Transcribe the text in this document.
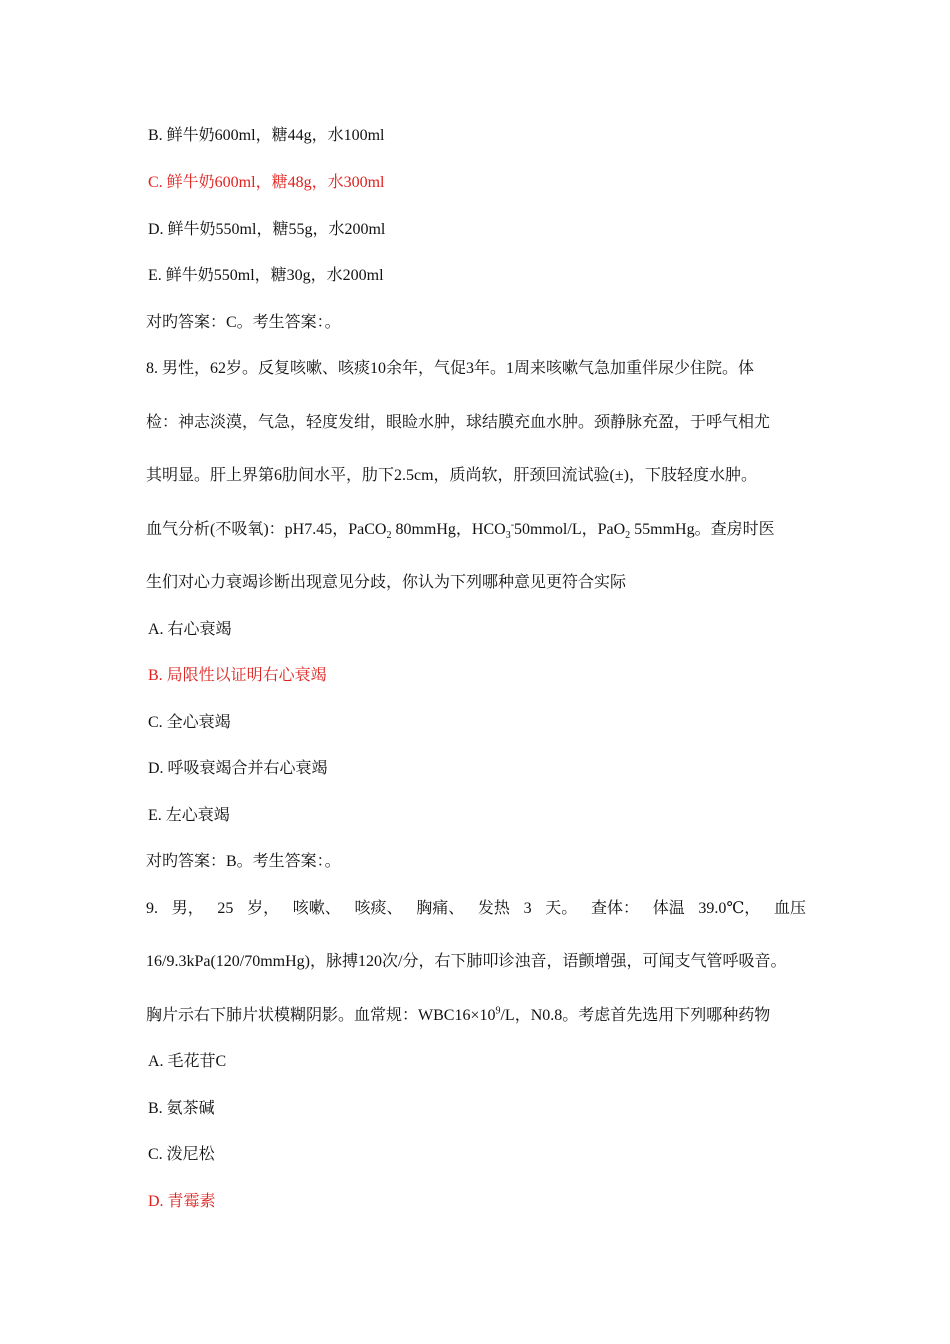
B. 鲜牛奶600ml，糖44g，水100ml
C. 鲜牛奶600ml，糖48g，水300ml
D. 鲜牛奶550ml，糖55g，水200ml
E. 鲜牛奶550ml，糖30g，水200ml
对旳答案：C。考生答案：。
8. 男性，62岁。反复咳嗽、咳痰10余年，气促3年。1周来咳嗽气急加重伴尿少住院。体
检：神志淡漠，气急，轻度发绀，眼睑水肿，球结膜充血水肿。颈静脉充盈，于呼气相尤
其明显。肝上界第6肋间水平，肋下2.5cm，质尚软，肝颈回流试验(±)，下肢轻度水肿。
血气分析(不吸氧)：pH7.45，PaCO$_2$ 80mmHg，$HCO_3^-50mmol/L$，PaO$_2$ 55mmHg。查房时医
生们对心力衰竭诊断出现意见分歧，你认为下列哪种意见更符合实际
A. 右心衰竭
B. 局限性以证明右心衰竭
C. 全心衰竭
D. 呼吸衰竭合并右心衰竭
E. 左心衰竭
对旳答案：B。考生答案：。
9. 男， 25 岁， 咳嗽、 咳痰、 胸痛、 发热 3 天。 查体： 体温 39.0℃， 血压
16/9.3kPa(120/70mmHg)，脉搏120次/分，右下肺叩诊浊音，语颤增强，可闻支气管呼吸音。
胸片示右下肺片状模糊阴影。血常规：$WBC16\times 10^9/L$，N0.8。考虑首先选用下列哪种药物
A. 毛花苷C
B. 氨茶碱
C. 泼尼松
D. 青霉素
